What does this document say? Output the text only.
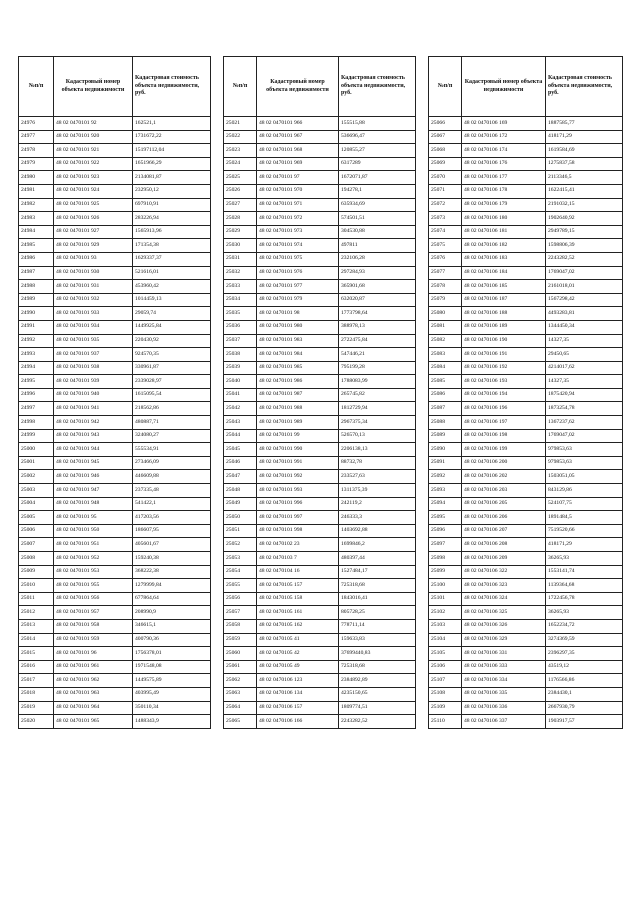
№п/п	Кадастровый номер объекта недвижимости	Кадастровая стоимость объекта недвижимости, руб.
24976	48 02 0470101 92	162521,1
24977	48 02 0470101 920	1731672,22
24978	48 02 0470101 921	15197112,04
24979	48 02 0470101 922	1651966,29
24980	48 02 0470101 923	2134081,87
24981	48 02 0470101 924	232950,12
24982	48 02 0470101 925	697910,91
24983	48 02 0470101 926	283226,94
24984	48 02 0470101 927	1565913,96
24985	48 02 0470101 929	171354,38
24986	48 02 0470101 93	1629337,37
24987	48 02 0470101 930	521616,01
24988	48 02 0470101 931	453960,42
24989	48 02 0470101 932	1014459,13
24990	48 02 0470101 933	29059,74
24991	48 02 0470101 934	1449925,84
24992	48 02 0470101 935	220430,92
24993	48 02 0470101 937	924570,35
24994	48 02 0470101 938	330961,87
24995	48 02 0470101 939	2339028,97
24996	48 02 0470101 940	1615095,54
24997	48 02 0470101 941	218562,86
24998	48 02 0470101 942	480887,71
24999	48 02 0470101 943	324080,27
25000	48 02 0470101 944	555534,91
25001	48 02 0470101 945	273466,09
25002	48 02 0470101 946	446609,88
25003	48 02 0470101 947	237335,48
25004	48 02 0470101 948	541422,1
25005	48 02 0470101 95	417203,56
25006	48 02 0470101 950	186607,95
25007	48 02 0470101 951	405601,67
25008	48 02 0470101 952	159240,38
25009	48 02 0470101 953	368222,38
25010	48 02 0470101 955	1279999,84
25011	48 02 0470101 956	677864,64
25012	48 02 0470101 957	208990,9
25013	48 02 0470101 958	346615,1
25014	48 02 0470101 959	400790,36
25015	48 02 0470101 96	1756378,01
25016	48 02 0470101 961	1971548,08
25017	48 02 0470101 962	1449575,89
25018	48 02 0470101 963	403995,49
25019	48 02 0470101 964	350110,34
25020	48 02 0470101 965	1488343,9
№п/п	Кадастровый номер объекта недвижимости	Кадастровая стоимость объекта недвижимости, руб.
25021	48 02 0470101 966	155515,88
25022	48 02 0470101 967	536696,47
25023	48 02 0470101 968	120855,27
25024	48 02 0470101 969	6317289
25025	48 02 0470101 97	1672071,87
25026	48 02 0470101 970	194278,1
25027	48 02 0470101 971	635934,69
25028	48 02 0470101 972	574501,51
25029	48 02 0470101 973	304530,88
25030	48 02 0470101 974	497811
25031	48 02 0470101 975	232106,28
25032	48 02 0470101 976	297284,93
25033	48 02 0470101 977	365901,68
25034	48 02 0470101 979	632020,87
25035	48 02 0470101 98	1773798,64
25036	48 02 0470101 980	388978,13
25037	48 02 0470101 983	2722475,84
25038	48 02 0470101 984	547446,21
25039	48 02 0470101 985	795199,28
25040	48 02 0470101 986	1788083,99
25041	48 02 0470101 987	265745,82
25042	48 02 0470101 988	1812729,94
25043	48 02 0470101 989	2967375,34
25044	48 02 0470101 99	526570,13
25045	48 02 0470101 990	2206138,13
25046	48 02 0470101 991	88732,78
25047	48 02 0470101 992	233527,63
25048	48 02 0470101 993	1311375,39
25049	48 02 0470101 996	242119,2
25050	48 02 0470101 997	246333,3
25051	48 02 0470101 998	1403692,88
25052	48 02 0470102 23	1699846,2
25053	48 02 0470103 7	480397,44
25054	48 02 0470104 16	1527484,17
25055	48 02 0470105 157	725318,68
25056	48 02 0470105 158	1843016,41
25057	48 02 0470105 161	805728,25
25058	48 02 0470105 162	778711,14
25059	48 02 0470105 41	159633,83
25060	48 02 0470105 42	37699440,83
25061	48 02 0470105 49	725318,68
25062	48 02 0470106 123	2384892,89
25063	48 02 0470106 134	4235150,65
25064	48 02 0470106 157	1809774,51
25065	48 02 0470106 166	2243282,52
№п/п	Кадастровый номер объекта недвижимости	Кадастровая стоимость объекта недвижимости, руб.
25066	48 02 0470106 169	1887585,77
25067	48 02 0470106 172	418171,29
25068	48 02 0470106 174	1619584,69
25069	48 02 0470106 176	1275837,58
25070	48 02 0470106 177	2113346,5
25071	48 02 0470106 178	1622415,41
25072	48 02 0470106 179	2191032,15
25073	48 02 0470106 180	1902640,92
25074	48 02 0470106 181	2949789,15
25075	48 02 0470106 182	1598806,39
25076	48 02 0470106 183	2243282,52
25077	48 02 0470106 184	1769047,02
25078	48 02 0470106 185	2161018,01
25079	48 02 0470106 187	1567298,42
25080	48 02 0470106 188	4493283,81
25081	48 02 0470106 189	1344450,34
25082	48 02 0470106 190	14327,35
25083	48 02 0470106 191	29450,65
25084	48 02 0470106 192	4214017,62
25085	48 02 0470106 193	14327,35
25086	48 02 0470106 194	1875420,94
25087	48 02 0470106 196	1873254,78
25088	48 02 0470106 197	1367237,62
25089	48 02 0470106 198	1769047,02
25090	48 02 0470106 199	979853,63
25091	48 02 0470106 200	979853,63
25092	48 02 0470106 202	1503051,05
25093	48 02 0470106 203	843129,86
25094	48 02 0470106 205	524107,75
25095	48 02 0470106 206	1891484,5
25096	48 02 0470106 207	7519520,66
25097	48 02 0470106 208	418171,29
25098	48 02 0470106 209	36265,93
25099	48 02 0470106 322	1553141,74
25100	48 02 0470106 323	1139364,68
25101	48 02 0470106 324	1722456,78
25102	48 02 0470106 325	36265,93
25103	48 02 0470106 326	1652234,72
25104	48 02 0470106 329	3274369,59
25105	48 02 0470106 331	2396297,35
25106	48 02 0470106 333	43519,12
25107	48 02 0470106 334	1176566,86
25108	48 02 0470106 335	2384430,1
25109	48 02 0470106 336	2667930,79
25110	48 02 0470106 337	1903917,57
